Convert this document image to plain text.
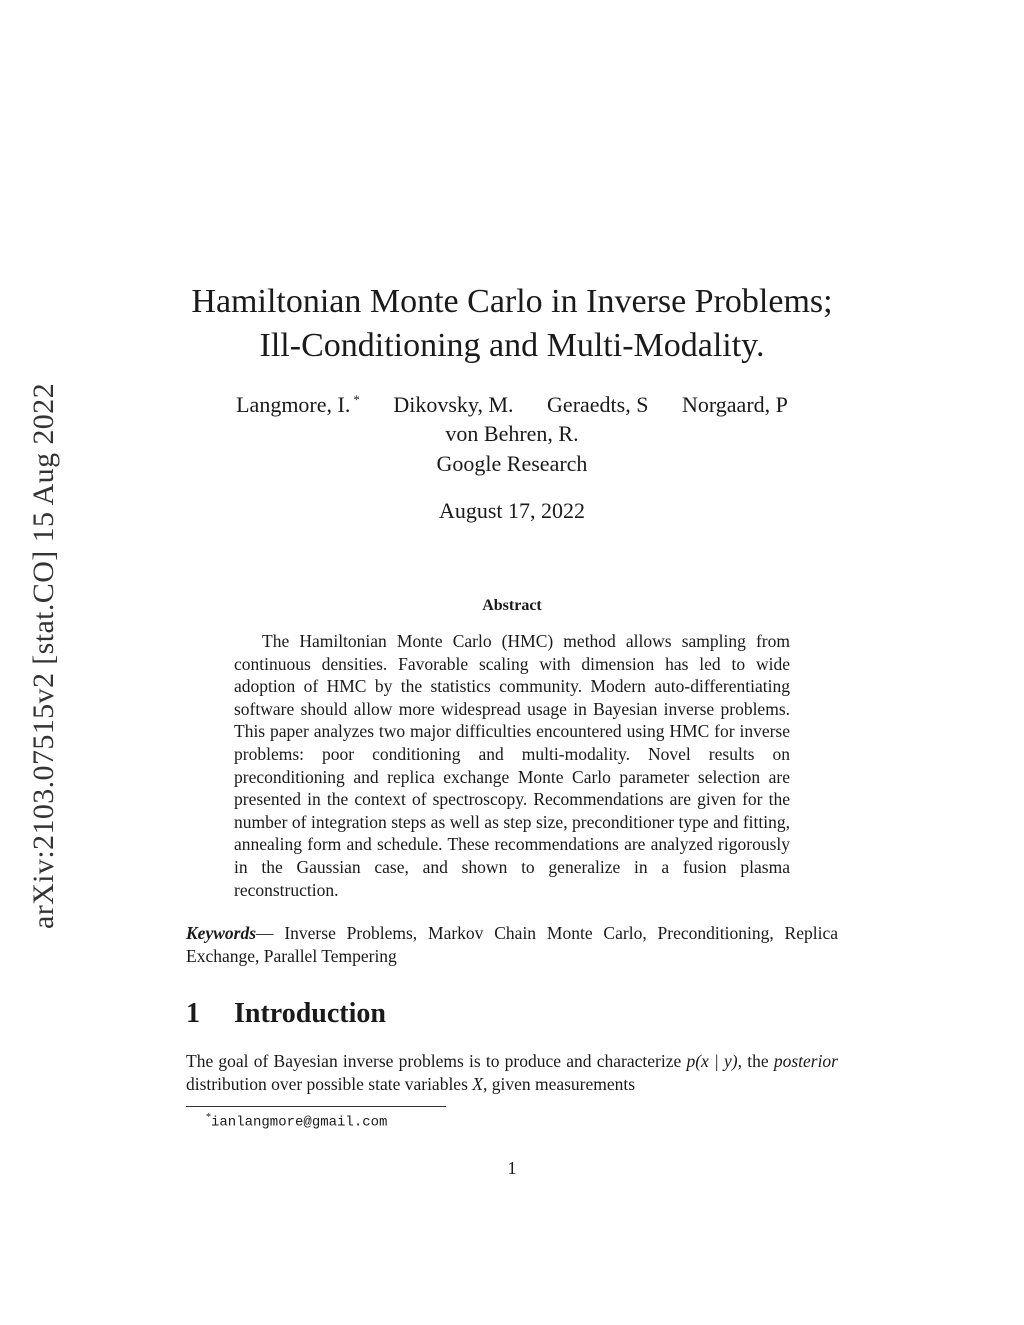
arXiv:2103.07515v2 [stat.CO] 15 Aug 2022
Hamiltonian Monte Carlo in Inverse Problems;
Ill-Conditioning and Multi-Modality.
Langmore, I. * Dikovsky, M. Geraedts, S Norgaard, P
von Behren, R.
Google Research
August 17, 2022
Abstract

The Hamiltonian Monte Carlo (HMC) method allows sampling from continuous densities. Favorable scaling with dimension has led to wide adoption of HMC by the statistics community. Modern auto-differentiating software should allow more widespread usage in Bayesian inverse problems. This paper analyzes two major difficulties encountered using HMC for inverse problems: poor conditioning and multi-modality. Novel results on preconditioning and replica exchange Monte Carlo parameter selection are presented in the context of spectroscopy. Recommendations are given for the number of integration steps as well as step size, preconditioner type and fitting, annealing form and schedule. These recommendations are analyzed rigorously in the Gaussian case, and shown to generalize in a fusion plasma reconstruction.

Keywords— Inverse Problems, Markov Chain Monte Carlo, Preconditioning, Replica Exchange, Parallel Tempering

1 Introduction

The goal of Bayesian inverse problems is to produce and characterize p(x | y), the posterior distribution over possible state variables X, given measurements

*ianlangmore@gmail.com
1
